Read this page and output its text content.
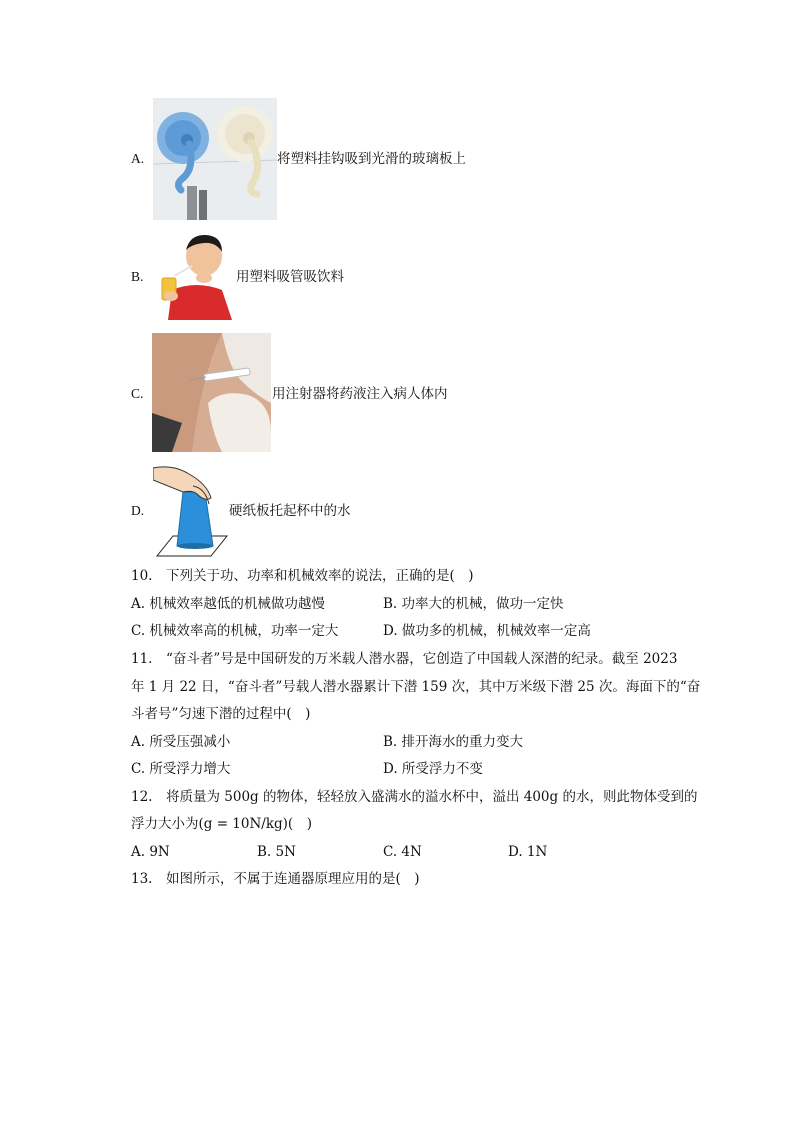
A.	将塑料挂钩吸到光滑的玻璃板上
B.	用塑料吸管吸饮料
C.	用注射器将药液注入病人体内
D.	硬纸板托起杯中的水
10.　下列关于功、功率和机械效率的说法，正确的是(　)
A. 机械效率越低的机械做功越慢	B. 功率大的机械，做功一定快
C. 机械效率高的机械，功率一定大	D. 做功多的机械，机械效率一定高
11.　“奋斗者”号是中国研发的万米载人潜水器，它创造了中国载人深潜的纪录。截至 2023
年 1 月 22 日，“奋斗者”号载人潜水器累计下潜 159 次，其中万米级下潜 25 次。海面下的“奋
斗者号”匀速下潜的过程中(　)
A. 所受压强减小	B. 排开海水的重力变大
C. 所受浮力增大	D. 所受浮力不变
12.　将质量为 500g 的物体，轻轻放入盛满水的溢水杯中，溢出 400g 的水，则此物体受到的
浮力大小为(g = 10N/kg)(　)
A. 9N	B. 5N	C. 4N	D. 1N
13.　如图所示，不属于连通器原理应用的是(　)
